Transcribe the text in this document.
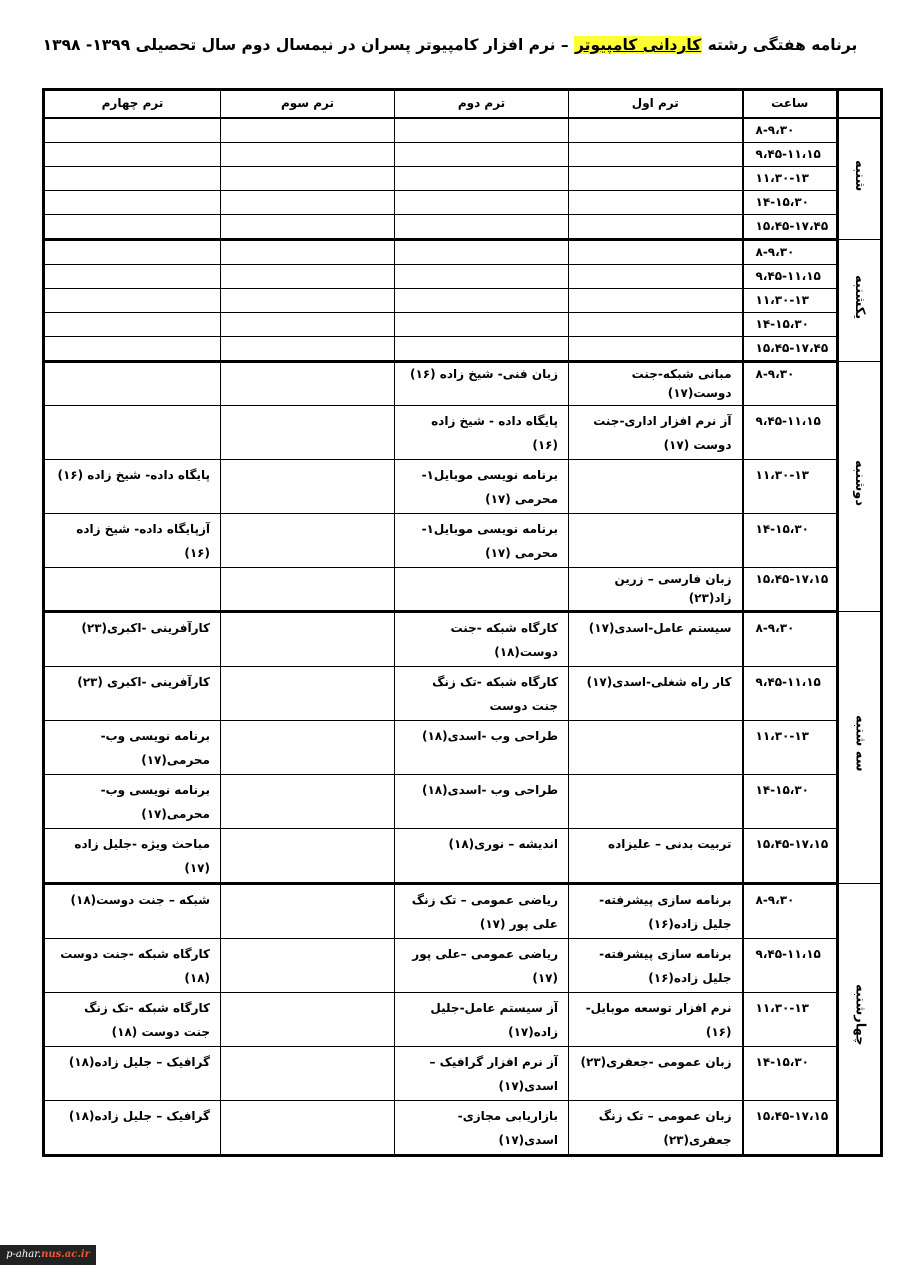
برنامه هفتگی رشته کاردانی کامپیوتر – نرم افزار کامپیوتر پسران در نیمسال دوم سال تحصیلی ۱۳۹۹- ۱۳۹۸
	ساعت	ترم اول	ترم دوم	ترم سوم	ترم چهارم
شنبه	۸-۹،۳۰				
	۹،۴۵-۱۱،۱۵				
	۱۱،۳۰-۱۳				
	۱۴-۱۵،۳۰				
	۱۵،۴۵-۱۷،۴۵				
یکشنبه	۸-۹،۳۰				
	۹،۴۵-۱۱،۱۵				
	۱۱،۳۰-۱۳				
	۱۴-۱۵،۳۰				
	۱۵،۴۵-۱۷،۴۵				
دوشنبه	۸-۹،۳۰	مبانی شبکه-جنت دوست(۱۷)	زبان فنی- شیخ زاده (۱۶)		
	۹،۴۵-۱۱،۱۵	آز نرم افزار اداری-جنت دوست (۱۷)	پایگاه داده - شیخ زاده (۱۶)		
	۱۱،۳۰-۱۳		برنامه نویسی موبایل۱- محرمی (۱۷)		پایگاه داده- شیخ زاده (۱۶)
	۱۴-۱۵،۳۰		برنامه نویسی موبایل۱- محرمی (۱۷)		آزپایگاه داده- شیخ زاده (۱۶)
	۱۵،۴۵-۱۷،۱۵	زبان فارسی – زرین زاد(۲۳)			
سه شنبه	۸-۹،۳۰	سیستم عامل-اسدی(۱۷)	کارگاه شبکه -جنت دوست(۱۸)		کارآفرینی -اکبری(۲۳)
	۹،۴۵-۱۱،۱۵	کار راه شغلی-اسدی(۱۷)	کارگاه شبکه -تک زنگ جنت دوست		کارآفرینی -اکبری (۲۳)
	۱۱،۳۰-۱۳		طراحی وب -اسدی(۱۸)		برنامه نویسی وب- محرمی(۱۷)
	۱۴-۱۵،۳۰		طراحی وب -اسدی(۱۸)		برنامه نویسی وب- محرمی(۱۷)
	۱۵،۴۵-۱۷،۱۵	تربیت بدنی – علیزاده	اندیشه – نوری(۱۸)		مباحث ویژه -جلیل زاده (۱۷)
چهارشنبه	۸-۹،۳۰	برنامه سازی پیشرفته-جلیل زاده(۱۶)	ریاضی عمومی – تک زنگ علی پور (۱۷)		شبکه – جنت دوست(۱۸)
	۹،۴۵-۱۱،۱۵	برنامه سازی پیشرفته-جلیل زاده(۱۶)	ریاضی عمومی –علی پور (۱۷)		کارگاه شبکه -جنت دوست (۱۸)
	۱۱،۳۰-۱۳	نرم افزار توسعه موبایل-(۱۶)	آز سیستم عامل-جلیل زاده(۱۷)		کارگاه شبکه -تک زنگ جنت دوست (۱۸)
	۱۴-۱۵،۳۰	زبان عمومی -جعفری(۲۳)	آز نرم افزار گرافیک – اسدی(۱۷)		گرافیک – جلیل زاده(۱۸)
	۱۵،۴۵-۱۷،۱۵	زبان عمومی – تک زنگ جعفری(۲۳)	بازاریابی مجازی- اسدی(۱۷)		گرافیک – جلیل زاده(۱۸)
p-ahar.nus.ac.ir
